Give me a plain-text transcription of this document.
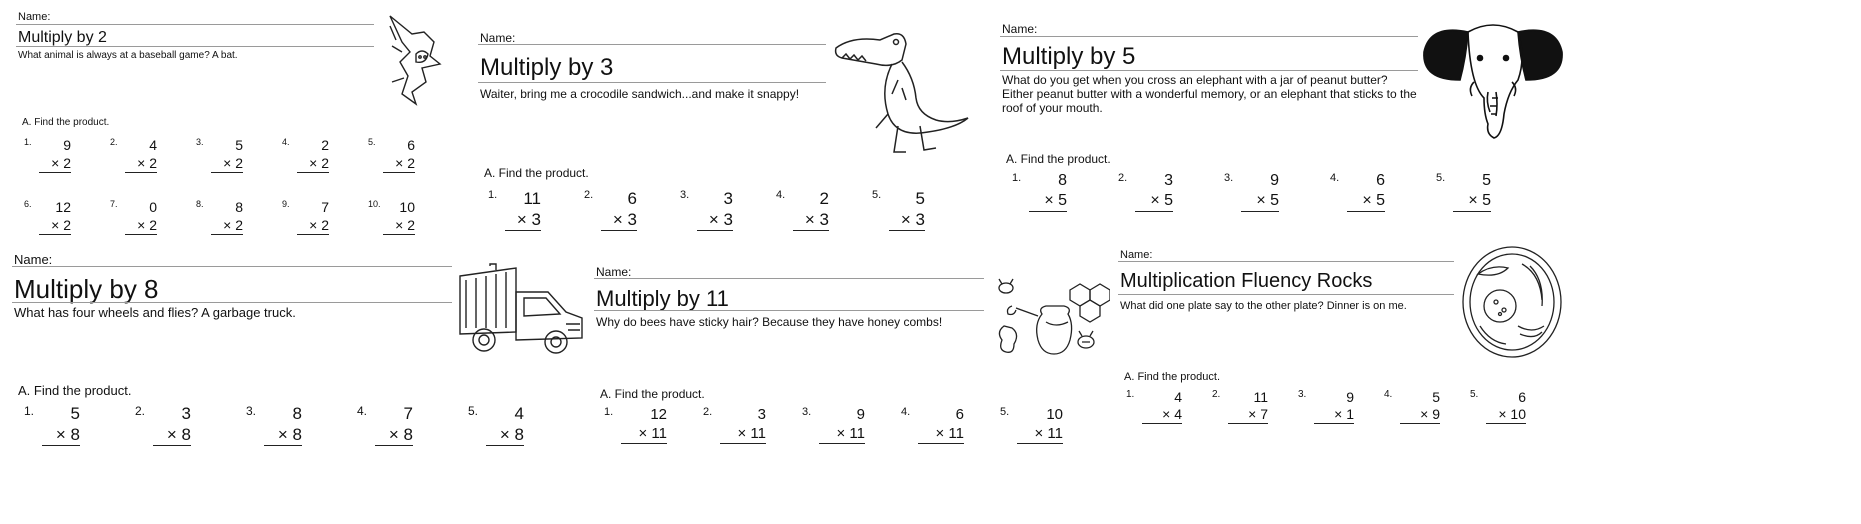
Name:
Multiply by 2
What animal is always at a baseball game? A bat.
A. Find the product.
1.	9
× 2
2.	4
× 2
3.	5
× 2
4.	2
× 2
5.	6
× 2
6.	12
× 2
7.	0
× 2
8.	8
× 2
9.	7
× 2
10.	10
× 2
Name:
Multiply by 3
Waiter, bring me a crocodile sandwich...and make it snappy!
A. Find the product.
1.	11
× 3
2.	6
× 3
3.	3
× 3
4.	2
× 3
5.	5
× 3
Name:
Multiply by 5
What do you get when you cross an elephant with a jar of peanut butter? Either peanut butter with a wonderful memory, or an elephant that sticks to the roof of your mouth.
A. Find the product.
1.	8
× 5
2.	3
× 5
3.	9
× 5
4.	6
× 5
5.	5
× 5
Name:
Multiply by 8
What has four wheels and flies? A garbage truck.
A. Find the product.
1.	5
× 8
2.	3
× 8
3.	8
× 8
4.	7
× 8
5.	4
× 8
Name:
Multiply by 11
Why do bees have sticky hair? Because they have honey combs!
A. Find the product.
1.	12
× 11
2.	3
× 11
3.	9
× 11
4.	6
× 11
5.	10
× 11
Name:
Multiplication Fluency Rocks
What did one plate say to the other plate? Dinner is on me.
A. Find the product.
1.	4
× 4
2.	11
× 7
3.	9
× 1
4.	5
× 9
5.	6
× 10
